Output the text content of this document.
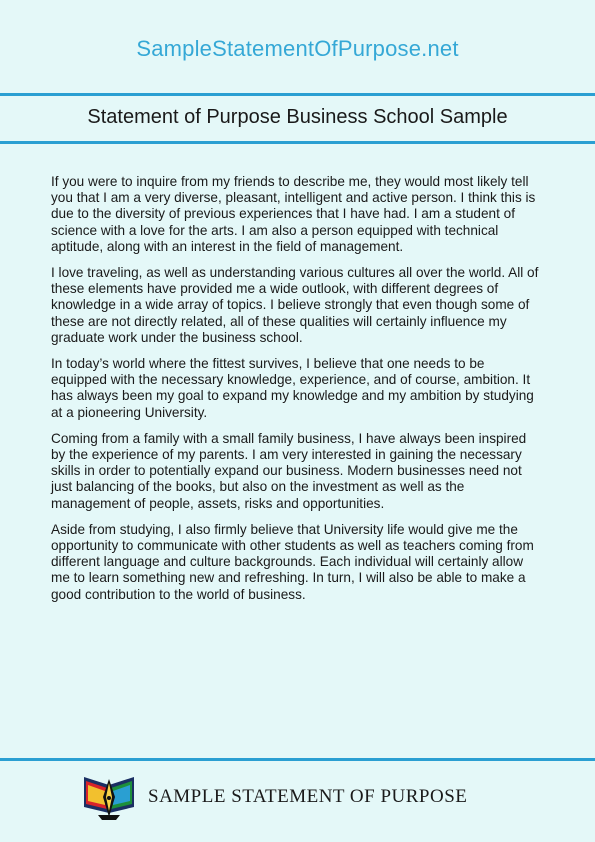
SampleStatementOfPurpose.net
Statement of Purpose Business School Sample

If you were to inquire from my friends to describe me, they would most likely tell you that I am a very diverse, pleasant, intelligent and active person. I think this is due to the diversity of previous experiences that I have had. I am a student of science with a love for the arts. I am also a person equipped with technical aptitude, along with an interest in the field of management.

I love traveling, as well as understanding various cultures all over the world. All of these elements have provided me a wide outlook, with different degrees of knowledge in a wide array of topics. I believe strongly that even though some of these are not directly related, all of these qualities will certainly influence my graduate work under the business school.

In today’s world where the fittest survives, I believe that one needs to be equipped with the necessary knowledge, experience, and of course, ambition. It has always been my goal to expand my knowledge and my ambition by studying at a pioneering University.

Coming from a family with a small family business, I have always been inspired by the experience of my parents. I am very interested in gaining the necessary skills in order to potentially expand our business. Modern businesses need not just balancing of the books, but also on the investment as well as the management of people, assets, risks and opportunities.

Aside from studying, I also firmly believe that University life would give me the opportunity to communicate with other students as well as teachers coming from different language and culture backgrounds. Each individual will certainly allow me to learn something new and refreshing. In turn, I will also be able to make a good contribution to the world of business.

SAMPLE STATEMENT OF PURPOSE
